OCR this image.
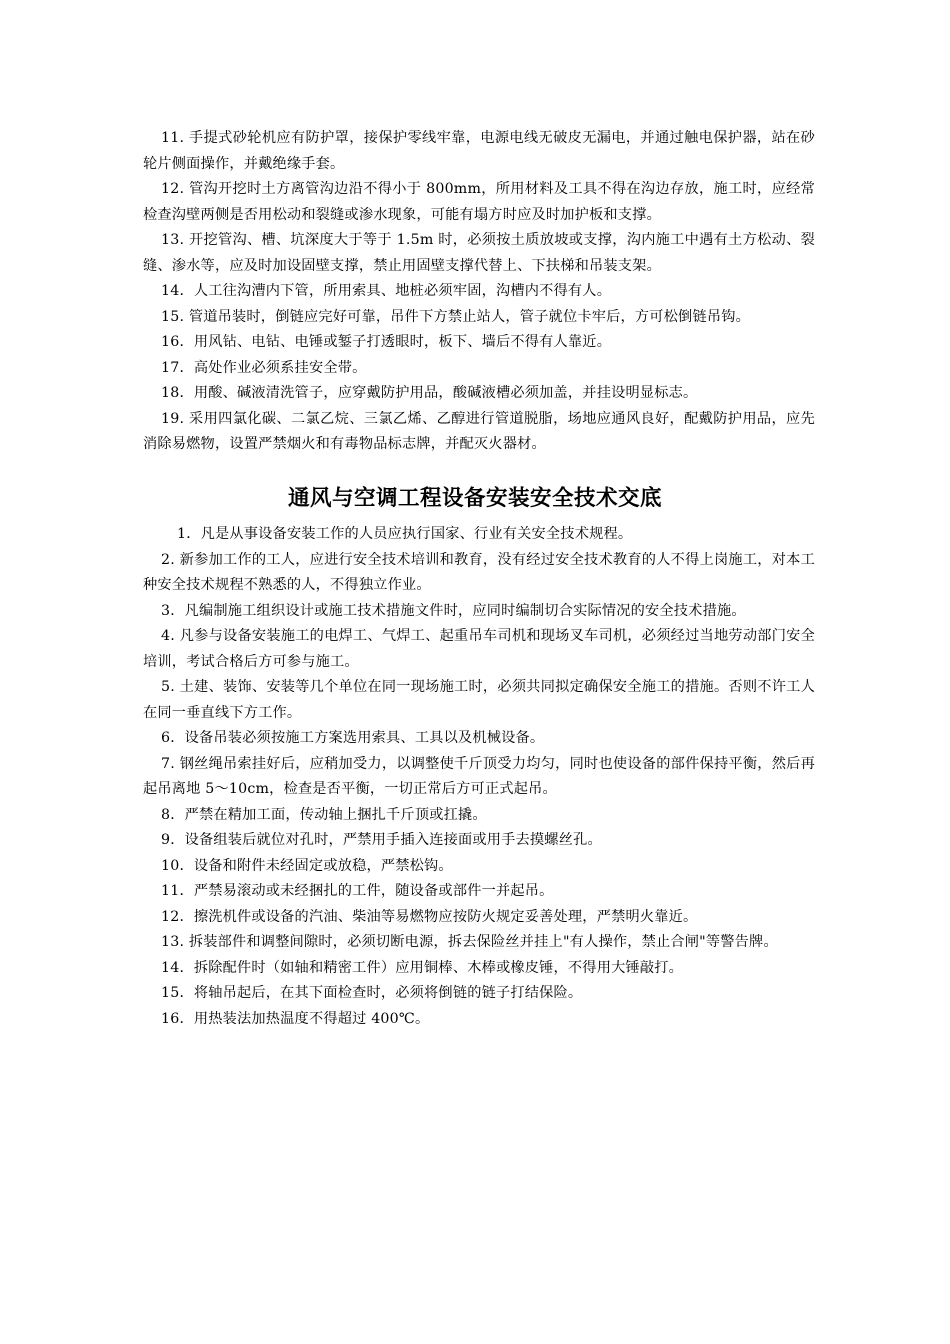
11. 手提式砂轮机应有防护罩，接保护零线牢靠，电源电线无破皮无漏电，并通过触电保护器，站在砂轮片侧面操作，并戴绝缘手套。

12. 管沟开挖时土方离管沟边沿不得小于 800mm，所用材料及工具不得在沟边存放，施工时，应经常检查沟壁两侧是否用松动和裂缝或渗水现象，可能有塌方时应及时加护板和支撑。

13. 开挖管沟、槽、坑深度大于等于 1.5m 时，必须按土质放坡或支撑，沟内施工中遇有土方松动、裂缝、渗水等，应及时加设固壁支撑，禁止用固壁支撑代替上、下扶梯和吊装支架。

14．人工往沟漕内下管，所用索具、地桩必须牢固，沟槽内不得有人。

15. 管道吊装时，倒链应完好可靠，吊件下方禁止站人，管子就位卡牢后，方可松倒链吊钩。

16．用风钻、电钻、电锤或錾子打透眼时，板下、墙后不得有人靠近。

17．高处作业必须系挂安全带。

18．用酸、碱液清洗管子，应穿戴防护用品，酸碱液槽必须加盖，并挂设明显标志。

19. 采用四氯化碳、二氯乙烷、三氯乙烯、乙醇进行管道脱脂，场地应通风良好，配戴防护用品，应先消除易燃物，设置严禁烟火和有毒物品标志牌，并配灭火器材。

通风与空调工程设备安装安全技术交底

1．凡是从事设备安装工作的人员应执行国家、行业有关安全技术规程。

2. 新参加工作的工人，应进行安全技术培训和教育，没有经过安全技术教育的人不得上岗施工，对本工种安全技术规程不熟悉的人，不得独立作业。

3．凡编制施工组织设计或施工技术措施文件时，应同时编制切合实际情况的安全技术措施。

4. 凡参与设备安装施工的电焊工、气焊工、起重吊车司机和现场叉车司机，必须经过当地劳动部门安全培训，考试合格后方可参与施工。

5. 土建、装饰、安装等几个单位在同一现场施工时，必须共同拟定确保安全施工的措施。否则不许工人在同一垂直线下方工作。

6．设备吊装必须按施工方案选用索具、工具以及机械设备。

7. 钢丝绳吊索挂好后，应稍加受力，以调整使千斤顶受力均匀，同时也使设备的部件保持平衡，然后再起吊离地 5～10cm，检查是否平衡，一切正常后方可正式起吊。

8．严禁在精加工面，传动轴上捆扎千斤顶或扛撬。

9．设备组装后就位对孔时，严禁用手插入连接面或用手去摸螺丝孔。

10．设备和附件未经固定或放稳，严禁松钩。

11．严禁易滚动或未经捆扎的工件，随设备或部件一并起吊。

12．擦洗机件或设备的汽油、柴油等易燃物应按防火规定妥善处理，严禁明火靠近。

13. 拆装部件和调整间隙时，必须切断电源，拆去保险丝并挂上"有人操作，禁止合闸"等警告牌。

14．拆除配件时（如轴和精密工件）应用铜棒、木棒或橡皮锤，不得用大锤敲打。

15．将轴吊起后，在其下面检查时，必须将倒链的链子打结保险。

16．用热装法加热温度不得超过 400℃。
